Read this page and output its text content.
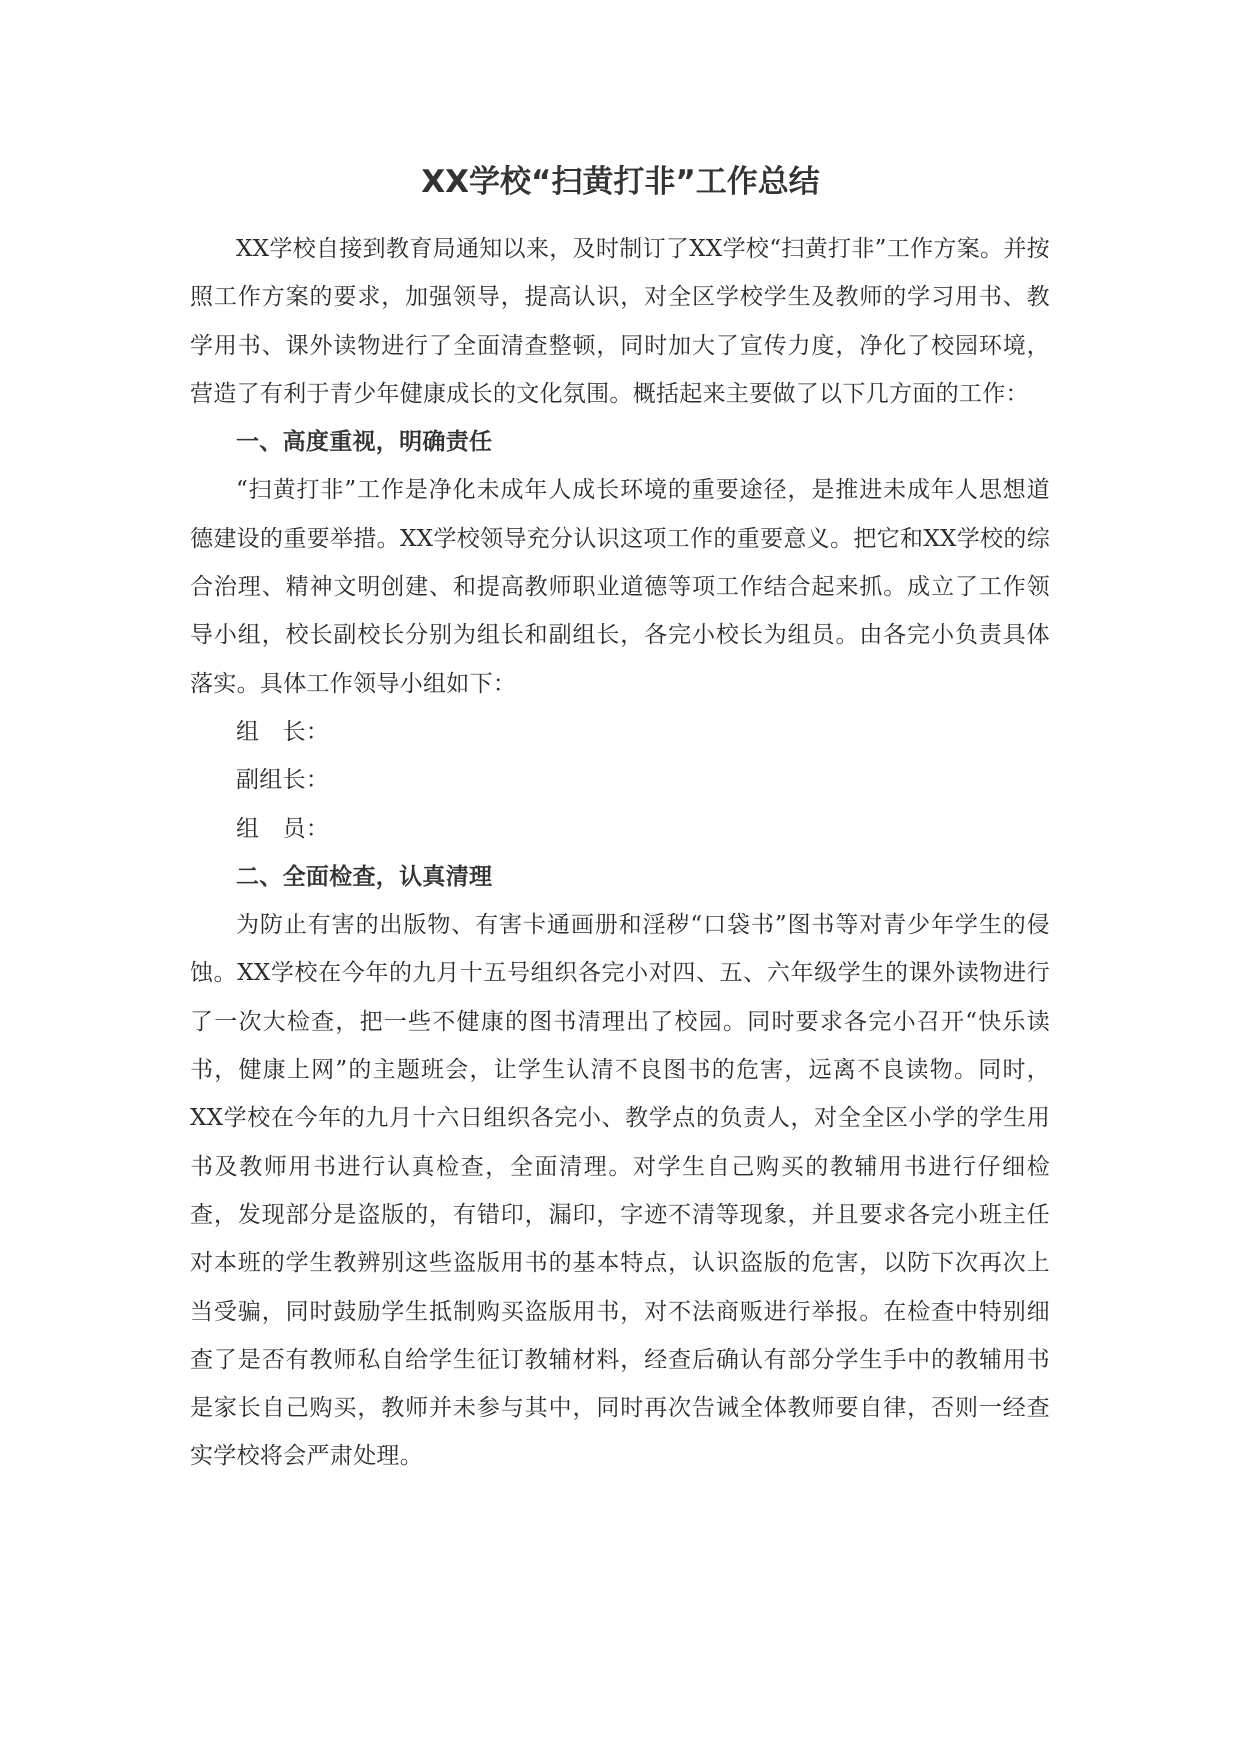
XX学校“扫黄打非”工作总结

XX学校自接到教育局通知以来，及时制订了XX学校“扫黄打非”工作方案。并按照工作方案的要求，加强领导，提高认识，对全区学校学生及教师的学习用书、教学用书、课外读物进行了全面清查整顿，同时加大了宣传力度，净化了校园环境，营造了有利于青少年健康成长的文化氛围。概括起来主要做了以下几方面的工作：

一、高度重视，明确责任

“扫黄打非”工作是净化未成年人成长环境的重要途径，是推进未成年人思想道德建设的重要举措。XX学校领导充分认识这项工作的重要意义。把它和XX学校的综合治理、精神文明创建、和提高教师职业道德等项工作结合起来抓。成立了工作领导小组，校长副校长分别为组长和副组长，各完小校长为组员。由各完小负责具体落实。具体工作领导小组如下：

组　长：

副组长：

组　员：

二、全面检查，认真清理

为防止有害的出版物、有害卡通画册和淫秽“口袋书”图书等对青少年学生的侵蚀。XX学校在今年的九月十五号组织各完小对四、五、六年级学生的课外读物进行了一次大检查，把一些不健康的图书清理出了校园。同时要求各完小召开“快乐读书，健康上网”的主题班会，让学生认清不良图书的危害，远离不良读物。同时，XX学校在今年的九月十六日组织各完小、教学点的负责人，对全全区小学的学生用书及教师用书进行认真检查，全面清理。对学生自己购买的教辅用书进行仔细检查，发现部分是盗版的，有错印，漏印，字迹不清等现象，并且要求各完小班主任对本班的学生教辨别这些盗版用书的基本特点，认识盗版的危害，以防下次再次上当受骗，同时鼓励学生抵制购买盗版用书，对不法商贩进行举报。在检查中特别细查了是否有教师私自给学生征订教辅材料，经查后确认有部分学生手中的教辅用书是家长自己购买，教师并未参与其中，同时再次告诫全体教师要自律，否则一经查实学校将会严肃处理。
